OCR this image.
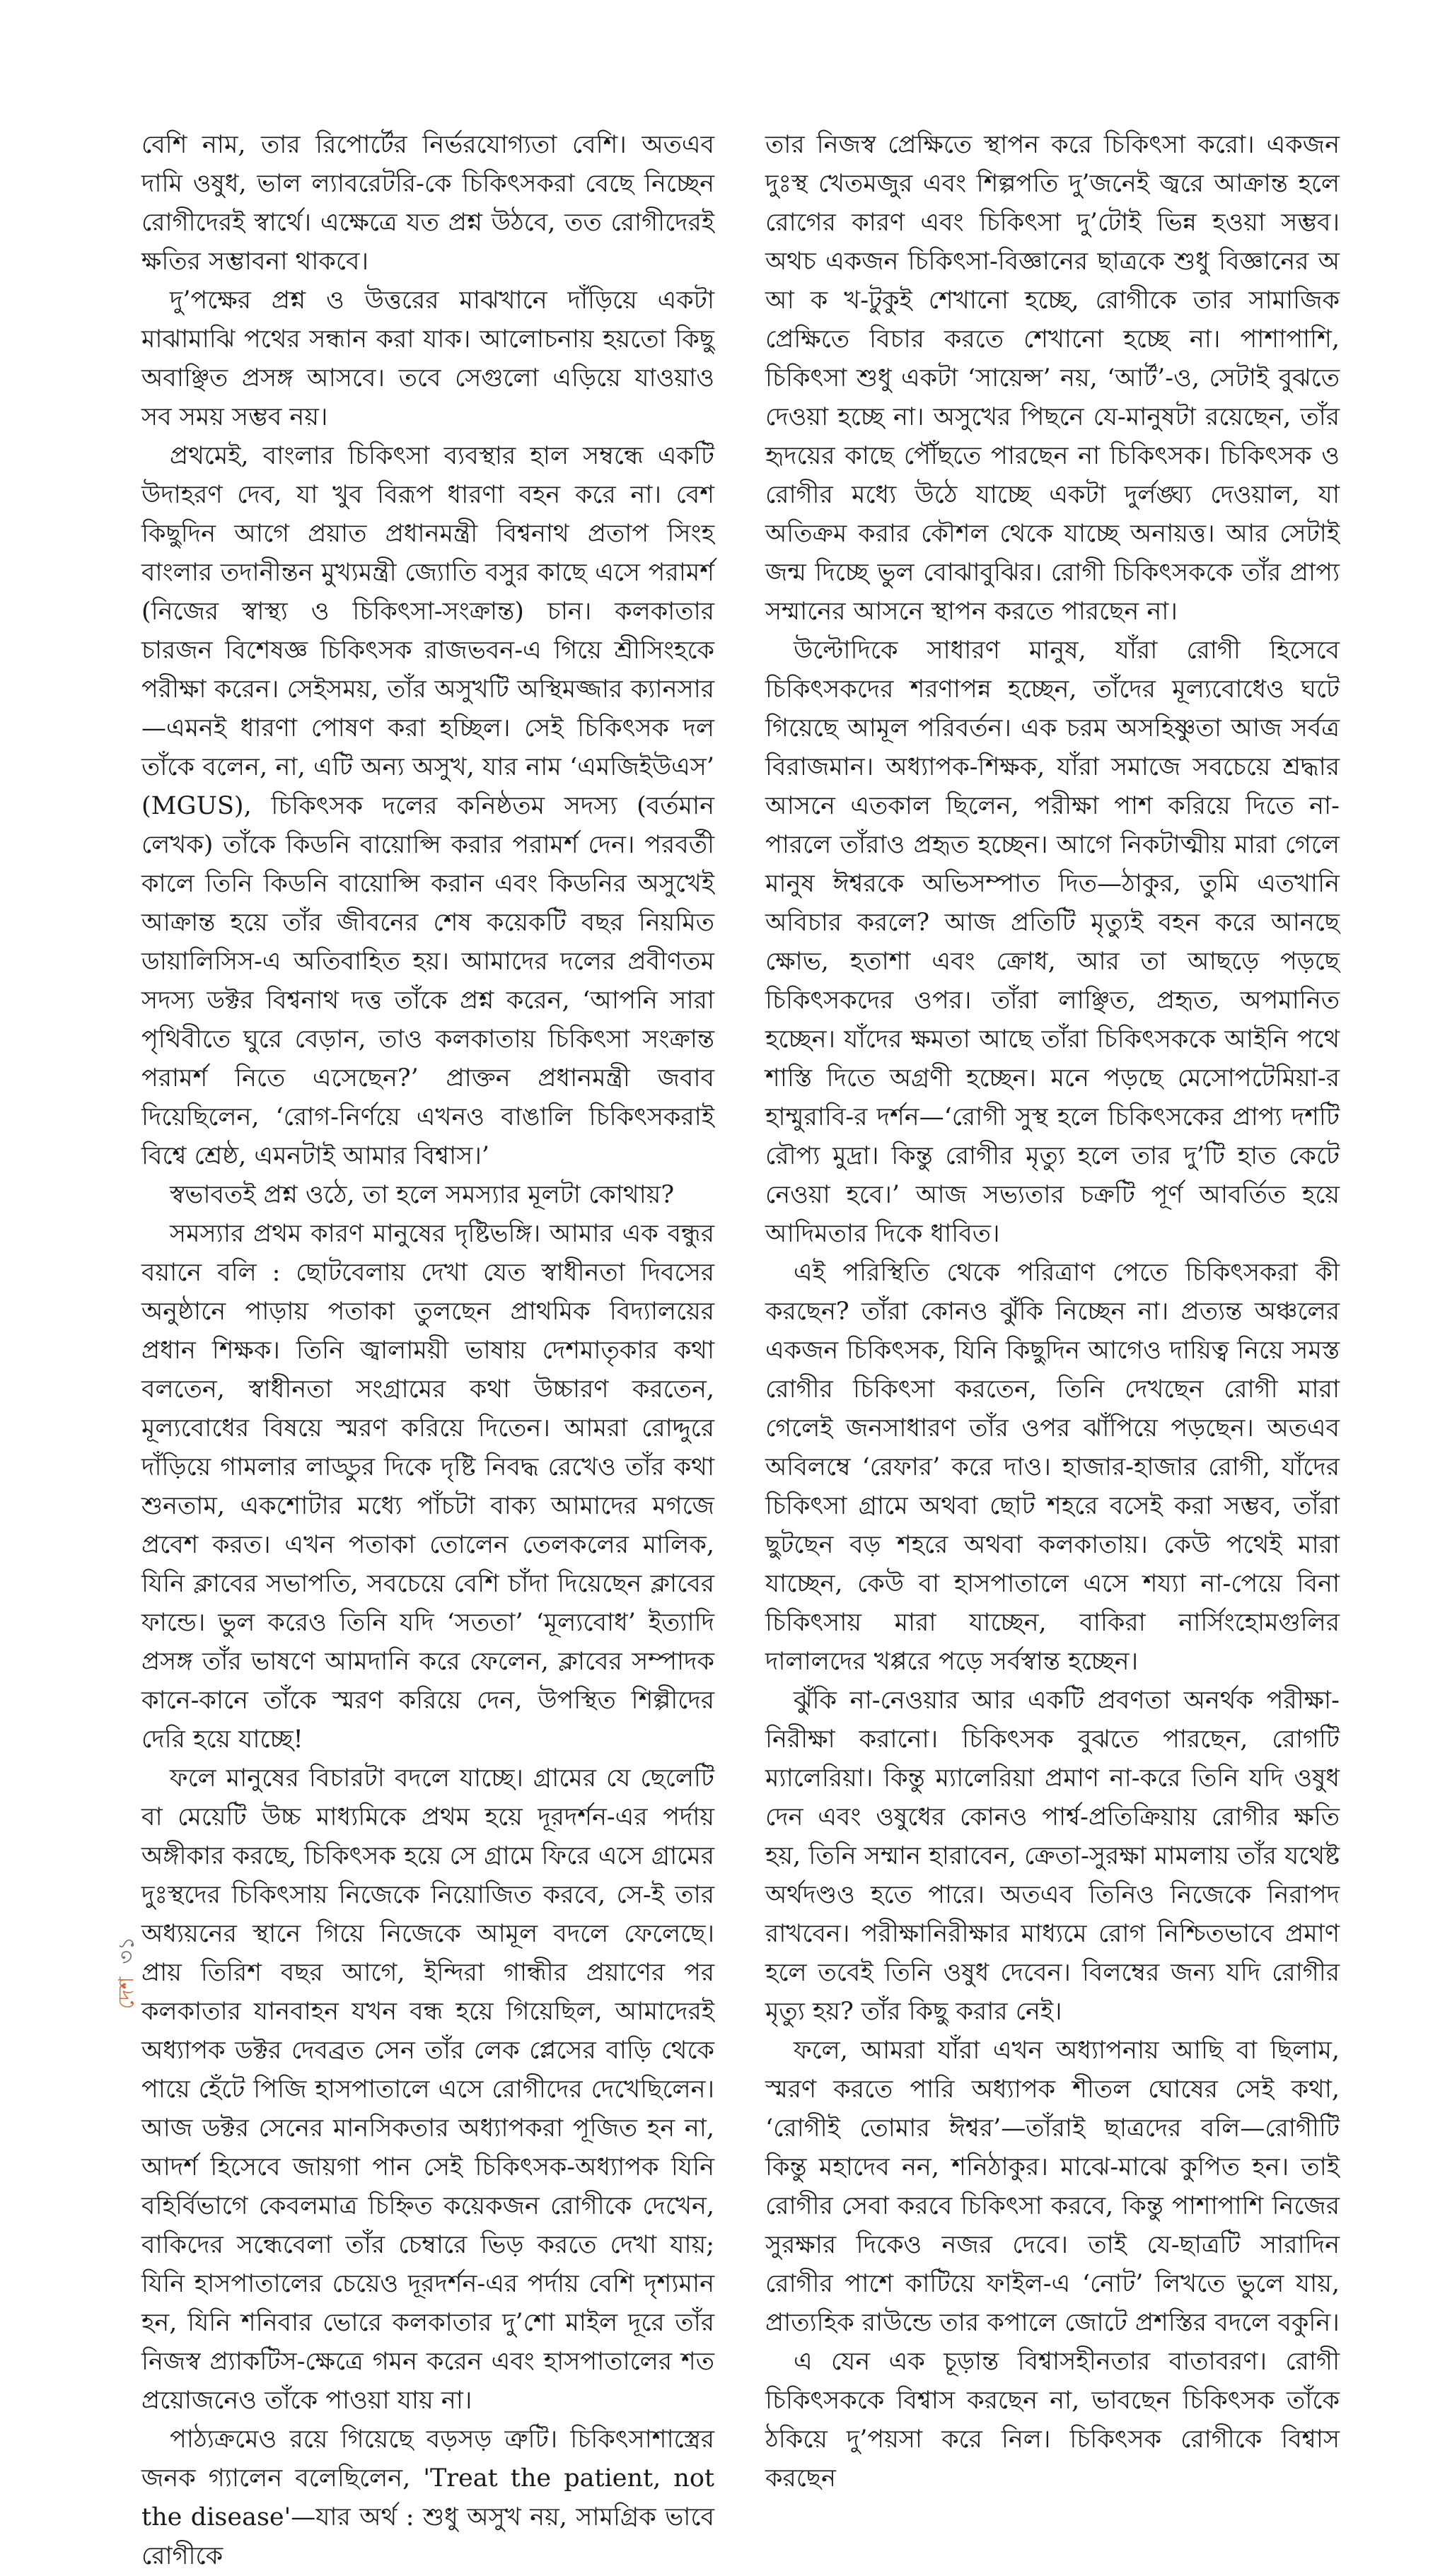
বেশি নাম, তার রিপোর্টের নির্ভরযোগ্যতা বেশি। অতএব দামি ওষুধ, ভাল ল্যাবরেটরি-কে চিকিৎসকরা বেছে নিচ্ছেন রোগীদেরই স্বার্থে। এক্ষেত্রে যত প্রশ্ন উঠবে, তত রোগীদেরই ক্ষতির সম্ভাবনা থাকবে।

দু’পক্ষের প্রশ্ন ও উত্তরের মাঝখানে দাঁড়িয়ে একটা মাঝামাঝি পথের সন্ধান করা যাক। আলোচনায় হয়তো কিছু অবাঞ্ছিত প্রসঙ্গ আসবে। তবে সেগুলো এড়িয়ে যাওয়াও সব সময় সম্ভব নয়।

প্রথমেই, বাংলার চিকিৎসা ব্যবস্থার হাল সম্বন্ধে একটি উদাহরণ দেব, যা খুব বিরূপ ধারণা বহন করে না। বেশ কিছুদিন আগে প্রয়াত প্রধানমন্ত্রী বিশ্বনাথ প্রতাপ সিংহ বাংলার তদানীন্তন মুখ্যমন্ত্রী জ্যোতি বসুর কাছে এসে পরামর্শ (নিজের স্বাস্থ্য ও চিকিৎসা-সংক্রান্ত) চান। কলকাতার চারজন বিশেষজ্ঞ চিকিৎসক রাজভবন-এ গিয়ে শ্রীসিংহকে পরীক্ষা করেন। সেইসময়, তাঁর অসুখটি অস্থিমজ্জার ক্যানসার—এমনই ধারণা পোষণ করা হচ্ছিল। সেই চিকিৎসক দল তাঁকে বলেন, না, এটি অন্য অসুখ, যার নাম ‘এমজিইউএস’ (MGUS), চিকিৎসক দলের কনিষ্ঠতম সদস্য (বর্তমান লেখক) তাঁকে কিডনি বায়োপ্সি করার পরামর্শ দেন। পরবর্তী কালে তিনি কিডনি বায়োপ্সি করান এবং কিডনির অসুখেই আক্রান্ত হয়ে তাঁর জীবনের শেষ কয়েকটি বছর নিয়মিত ডায়ালিসিস-এ অতিবাহিত হয়। আমাদের দলের প্রবীণতম সদস্য ডক্টর বিশ্বনাথ দত্ত তাঁকে প্রশ্ন করেন, ‘আপনি সারা পৃথিবীতে ঘুরে বেড়ান, তাও কলকাতায় চিকিৎসা সংক্রান্ত পরামর্শ নিতে এসেছেন?’ প্রাক্তন প্রধানমন্ত্রী জবাব দিয়েছিলেন, ‘রোগ-নির্ণয়ে এখনও বাঙালি চিকিৎসকরাই বিশ্বে শ্রেষ্ঠ, এমনটাই আমার বিশ্বাস।’

স্বভাবতই প্রশ্ন ওঠে, তা হলে সমস্যার মূলটা কোথায়?

সমস্যার প্রথম কারণ মানুষের দৃষ্টিভঙ্গি। আমার এক বন্ধুর বয়ানে বলি : ছোটবেলায় দেখা যেত স্বাধীনতা দিবসের অনুষ্ঠানে পাড়ায় পতাকা তুলছেন প্রাথমিক বিদ্যালয়ের প্রধান শিক্ষক। তিনি জ্বালাময়ী ভাষায় দেশমাতৃকার কথা বলতেন, স্বাধীনতা সংগ্রামের কথা উচ্চারণ করতেন, মূল্যবোধের বিষয়ে স্মরণ করিয়ে দিতেন। আমরা রোদ্দুরে দাঁড়িয়ে গামলার লাড্ডুর দিকে দৃষ্টি নিবদ্ধ রেখেও তাঁর কথা শুনতাম, একশোটার মধ্যে পাঁচটা বাক্য আমাদের মগজে প্রবেশ করত। এখন পতাকা তোলেন তেলকলের মালিক, যিনি ক্লাবের সভাপতি, সবচেয়ে বেশি চাঁদা দিয়েছেন ক্লাবের ফান্ডে। ভুল করেও তিনি যদি ‘সততা’ ‘মূল্যবোধ’ ইত্যাদি প্রসঙ্গ তাঁর ভাষণে আমদানি করে ফেলেন, ক্লাবের সম্পাদক কানে-কানে তাঁকে স্মরণ করিয়ে দেন, উপস্থিত শিল্পীদের দেরি হয়ে যাচ্ছে!

ফলে মানুষের বিচারটা বদলে যাচ্ছে। গ্রামের যে ছেলেটি বা মেয়েটি উচ্চ মাধ্যমিকে প্রথম হয়ে দূরদর্শন-এর পর্দায় অঙ্গীকার করছে, চিকিৎসক হয়ে সে গ্রামে ফিরে এসে গ্রামের দুঃস্থদের চিকিৎসায় নিজেকে নিয়োজিত করবে, সে-ই তার অধ্যয়নের স্থানে গিয়ে নিজেকে আমূল বদলে ফেলেছে। প্রায় তিরিশ বছর আগে, ইন্দিরা গান্ধীর প্রয়াণের পর কলকাতার যানবাহন যখন বন্ধ হয়ে গিয়েছিল, আমাদেরই অধ্যাপক ডক্টর দেবব্রত সেন তাঁর লেক প্লেসের বাড়ি থেকে পায়ে হেঁটে পিজি হাসপাতালে এসে রোগীদের দেখেছিলেন। আজ ডক্টর সেনের মানসিকতার অধ্যাপকরা পূজিত হন না, আদর্শ হিসেবে জায়গা পান সেই চিকিৎসক-অধ্যাপক যিনি বহির্বিভাগে কেবলমাত্র চিহ্নিত কয়েকজন রোগীকে দেখেন, বাকিদের সন্ধেবেলা তাঁর চেম্বারে ভিড় করতে দেখা যায়; যিনি হাসপাতালের চেয়েও দূরদর্শন-এর পর্দায় বেশি দৃশ্যমান হন, যিনি শনিবার ভোরে কলকাতার দু’শো মাইল দূরে তাঁর নিজস্ব প্র্যাকটিস-ক্ষেত্রে গমন করেন এবং হাসপাতালের শত প্রয়োজনেও তাঁকে পাওয়া যায় না।

পাঠ্যক্রমেও রয়ে গিয়েছে বড়সড় ত্রুটি। চিকিৎসাশাস্ত্রের জনক গ্যালেন বলেছিলেন, 'Treat the patient, not the disease'—যার অর্থ : শুধু অসুখ নয়, সামগ্রিক ভাবে রোগীকে

তার নিজস্ব প্রেক্ষিতে স্থাপন করে চিকিৎসা করো। একজন দুঃস্থ খেতমজুর এবং শিল্পপতি দু’জনেই জ্বরে আক্রান্ত হলে রোগের কারণ এবং চিকিৎসা দু’টোই ভিন্ন হওয়া সম্ভব। অথচ একজন চিকিৎসা-বিজ্ঞানের ছাত্রকে শুধু বিজ্ঞানের অ আ ক খ-টুকুই শেখানো হচ্ছে, রোগীকে তার সামাজিক প্রেক্ষিতে বিচার করতে শেখানো হচ্ছে না। পাশাপাশি, চিকিৎসা শুধু একটা ‘সায়েন্স’ নয়, ‘আর্ট’-ও, সেটাই বুঝতে দেওয়া হচ্ছে না। অসুখের পিছনে যে-মানুষটা রয়েছেন, তাঁর হৃদয়ের কাছে পৌঁছতে পারছেন না চিকিৎসক। চিকিৎসক ও রোগীর মধ্যে উঠে যাচ্ছে একটা দুর্লঙ্ঘ্য দেওয়াল, যা অতিক্রম করার কৌশল থেকে যাচ্ছে অনায়ত্ত। আর সেটাই জন্ম দিচ্ছে ভুল বোঝাবুঝির। রোগী চিকিৎসককে তাঁর প্রাপ্য সম্মানের আসনে স্থাপন করতে পারছেন না।

উল্টোদিকে সাধারণ মানুষ, যাঁরা রোগী হিসেবে চিকিৎসকদের শরণাপন্ন হচ্ছেন, তাঁদের মূল্যবোধেও ঘটে গিয়েছে আমূল পরিবর্তন। এক চরম অসহিষ্ণুতা আজ সর্বত্র বিরাজমান। অধ্যাপক-শিক্ষক, যাঁরা সমাজে সবচেয়ে শ্রদ্ধার আসনে এতকাল ছিলেন, পরীক্ষা পাশ করিয়ে দিতে না-পারলে তাঁরাও প্রহৃত হচ্ছেন। আগে নিকটাত্মীয় মারা গেলে মানুষ ঈশ্বরকে অভিসম্পাত দিত—ঠাকুর, তুমি এতখানি অবিচার করলে? আজ প্রতিটি মৃত্যুই বহন করে আনছে ক্ষোভ, হতাশা এবং ক্রোধ, আর তা আছড়ে পড়ছে চিকিৎসকদের ওপর। তাঁরা লাঞ্ছিত, প্রহৃত, অপমানিত হচ্ছেন। যাঁদের ক্ষমতা আছে তাঁরা চিকিৎসককে আইনি পথে শাস্তি দিতে অগ্রণী হচ্ছেন। মনে পড়ছে মেসোপটেমিয়া-র হাম্মুরাবি-র দর্শন—‘রোগী সুস্থ হলে চিকিৎসকের প্রাপ্য দশটি রৌপ্য মুদ্রা। কিন্তু রোগীর মৃত্যু হলে তার দু’টি হাত কেটে নেওয়া হবে।’ আজ সভ্যতার চক্রটি পূর্ণ আবর্তিত হয়ে আদিমতার দিকে ধাবিত।

এই পরিস্থিতি থেকে পরিত্রাণ পেতে চিকিৎসকরা কী করছেন? তাঁরা কোনও ঝুঁকি নিচ্ছেন না। প্রত্যন্ত অঞ্চলের একজন চিকিৎসক, যিনি কিছুদিন আগেও দায়িত্ব নিয়ে সমস্ত রোগীর চিকিৎসা করতেন, তিনি দেখছেন রোগী মারা গেলেই জনসাধারণ তাঁর ওপর ঝাঁপিয়ে পড়ছেন। অতএব অবিলম্বে ‘রেফার’ করে দাও। হাজার-হাজার রোগী, যাঁদের চিকিৎসা গ্রামে অথবা ছোট শহরে বসেই করা সম্ভব, তাঁরা ছুটছেন বড় শহরে অথবা কলকাতায়। কেউ পথেই মারা যাচ্ছেন, কেউ বা হাসপাতালে এসে শয্যা না-পেয়ে বিনা চিকিৎসায় মারা যাচ্ছেন, বাকিরা নার্সিংহোমগুলির দালালদের খপ্পরে পড়ে সর্বস্বান্ত হচ্ছেন।

ঝুঁকি না-নেওয়ার আর একটি প্রবণতা অনর্থক পরীক্ষা-নিরীক্ষা করানো। চিকিৎসক বুঝতে পারছেন, রোগটি ম্যালেরিয়া। কিন্তু ম্যালেরিয়া প্রমাণ না-করে তিনি যদি ওষুধ দেন এবং ওষুধের কোনও পার্শ্ব-প্রতিক্রিয়ায় রোগীর ক্ষতি হয়, তিনি সম্মান হারাবেন, ক্রেতা-সুরক্ষা মামলায় তাঁর যথেষ্ট অর্থদণ্ডও হতে পারে। অতএব তিনিও নিজেকে নিরাপদ রাখবেন। পরীক্ষানিরীক্ষার মাধ্যমে রোগ নিশ্চিতভাবে প্রমাণ হলে তবেই তিনি ওষুধ দেবেন। বিলম্বের জন্য যদি রোগীর মৃত্যু হয়? তাঁর কিছু করার নেই।

ফলে, আমরা যাঁরা এখন অধ্যাপনায় আছি বা ছিলাম, স্মরণ করতে পারি অধ্যাপক শীতল ঘোষের সেই কথা, ‘রোগীই তোমার ঈশ্বর’—তাঁরাই ছাত্রদের বলি—রোগীটি কিন্তু মহাদেব নন, শনিঠাকুর। মাঝে-মাঝে কুপিত হন। তাই রোগীর সেবা করবে চিকিৎসা করবে, কিন্তু পাশাপাশি নিজের সুরক্ষার দিকেও নজর দেবে। তাই যে-ছাত্রটি সারাদিন রোগীর পাশে কাটিয়ে ফাইল-এ ‘নোট’ লিখতে ভুলে যায়, প্রাত্যহিক রাউন্ডে তার কপালে জোটে প্রশস্তির বদলে বকুনি।

এ যেন এক চূড়ান্ত বিশ্বাসহীনতার বাতাবরণ। রোগী চিকিৎসককে বিশ্বাস করছেন না, ভাবছেন চিকিৎসক তাঁকে ঠকিয়ে দু’পয়সা করে নিল। চিকিৎসক রোগীকে বিশ্বাস করছেন

দেশ৩১
